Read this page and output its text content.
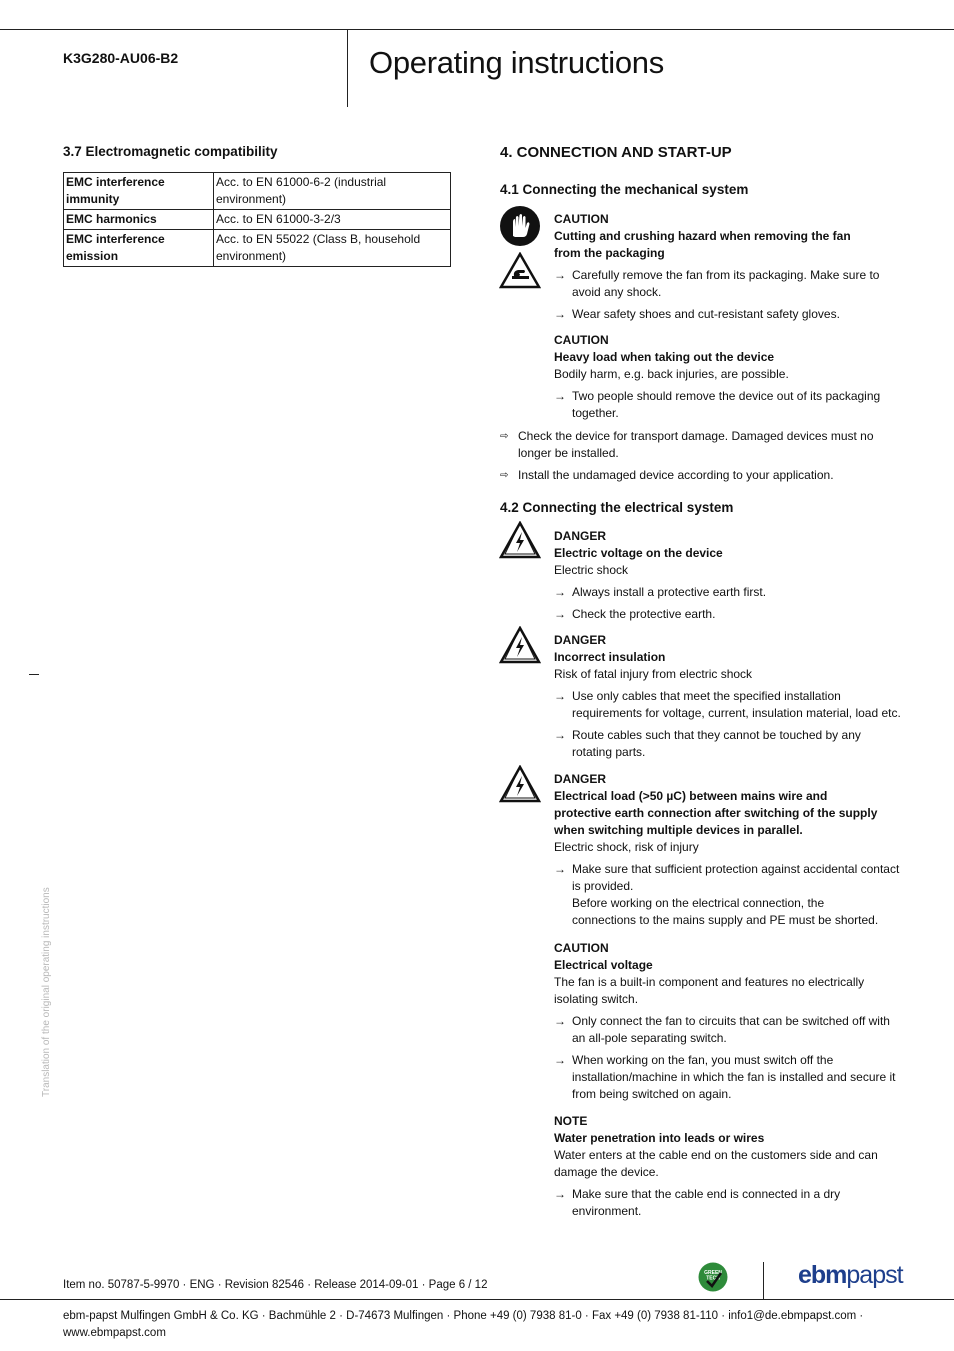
K3G280-AU06-B2	Operating instructions
3.7 Electromagnetic compatibility
EMC interference
immunity	Acc. to EN 61000-6-2 (industrial
environment)

EMC harmonics	Acc. to EN 61000-3-2/3

EMC interference
emission	Acc. to EN 55022 (Class B, household
environment)
Translation of the original operating instructions
4. CONNECTION AND START-UP
4.1 Connecting the mechanical system
4.2 Connecting the electrical system
CAUTION
Cutting and crushing hazard when removing the fan
from the packaging
→ Carefully remove the fan from its packaging. Make sure to
avoid any shock.
→ Wear safety shoes and cut-resistant safety gloves.
CAUTION
Heavy load when taking out the device
Bodily harm, e.g. back injuries, are possible.
→ Two people should remove the device out of its packaging
together.
⇨ Check the device for transport damage. Damaged devices must no
longer be installed.
⇨ Install the undamaged device according to your application.
DANGER
Electric voltage on the device
Electric shock
→ Always install a protective earth first.
→ Check the protective earth.
DANGER
Incorrect insulation
Risk of fatal injury from electric shock
→ Use only cables that meet the specified installation
requirements for voltage, current, insulation material, load etc.
→ Route cables such that they cannot be touched by any
rotating parts.
DANGER
Electrical load (>50 µC) between mains wire and
protective earth connection after switching of the supply
when switching multiple devices in parallel.
Electric shock, risk of injury
→ Make sure that sufficient protection against accidental contact
is provided.
Before working on the electrical connection, the
connections to the mains supply and PE must be shorted.
CAUTION
Electrical voltage
The fan is a built-in component and features no electrically
isolating switch.
→ Only connect the fan to circuits that can be switched off with
an all-pole separating switch.
→ When working on the fan, you must switch off the
installation/machine in which the fan is installed and secure it
from being switched on again.
NOTE
Water penetration into leads or wires
Water enters at the cable end on the customers side and can
damage the device.
→ Make sure that the cable end is connected in a dry
environment.
Item no. 50787-5-9970 · ENG · Revision 82546 · Release 2014-09-01 · Page 6 / 12
GREEN
TECH	ebmpapst
ebm-papst Mulfingen GmbH & Co. KG · Bachmühle 2 · D-74673 Mulfingen · Phone +49 (0) 7938 81-0 · Fax +49 (0) 7938 81-110 · info1@de.ebmpapst.com · www.ebmpapst.com
